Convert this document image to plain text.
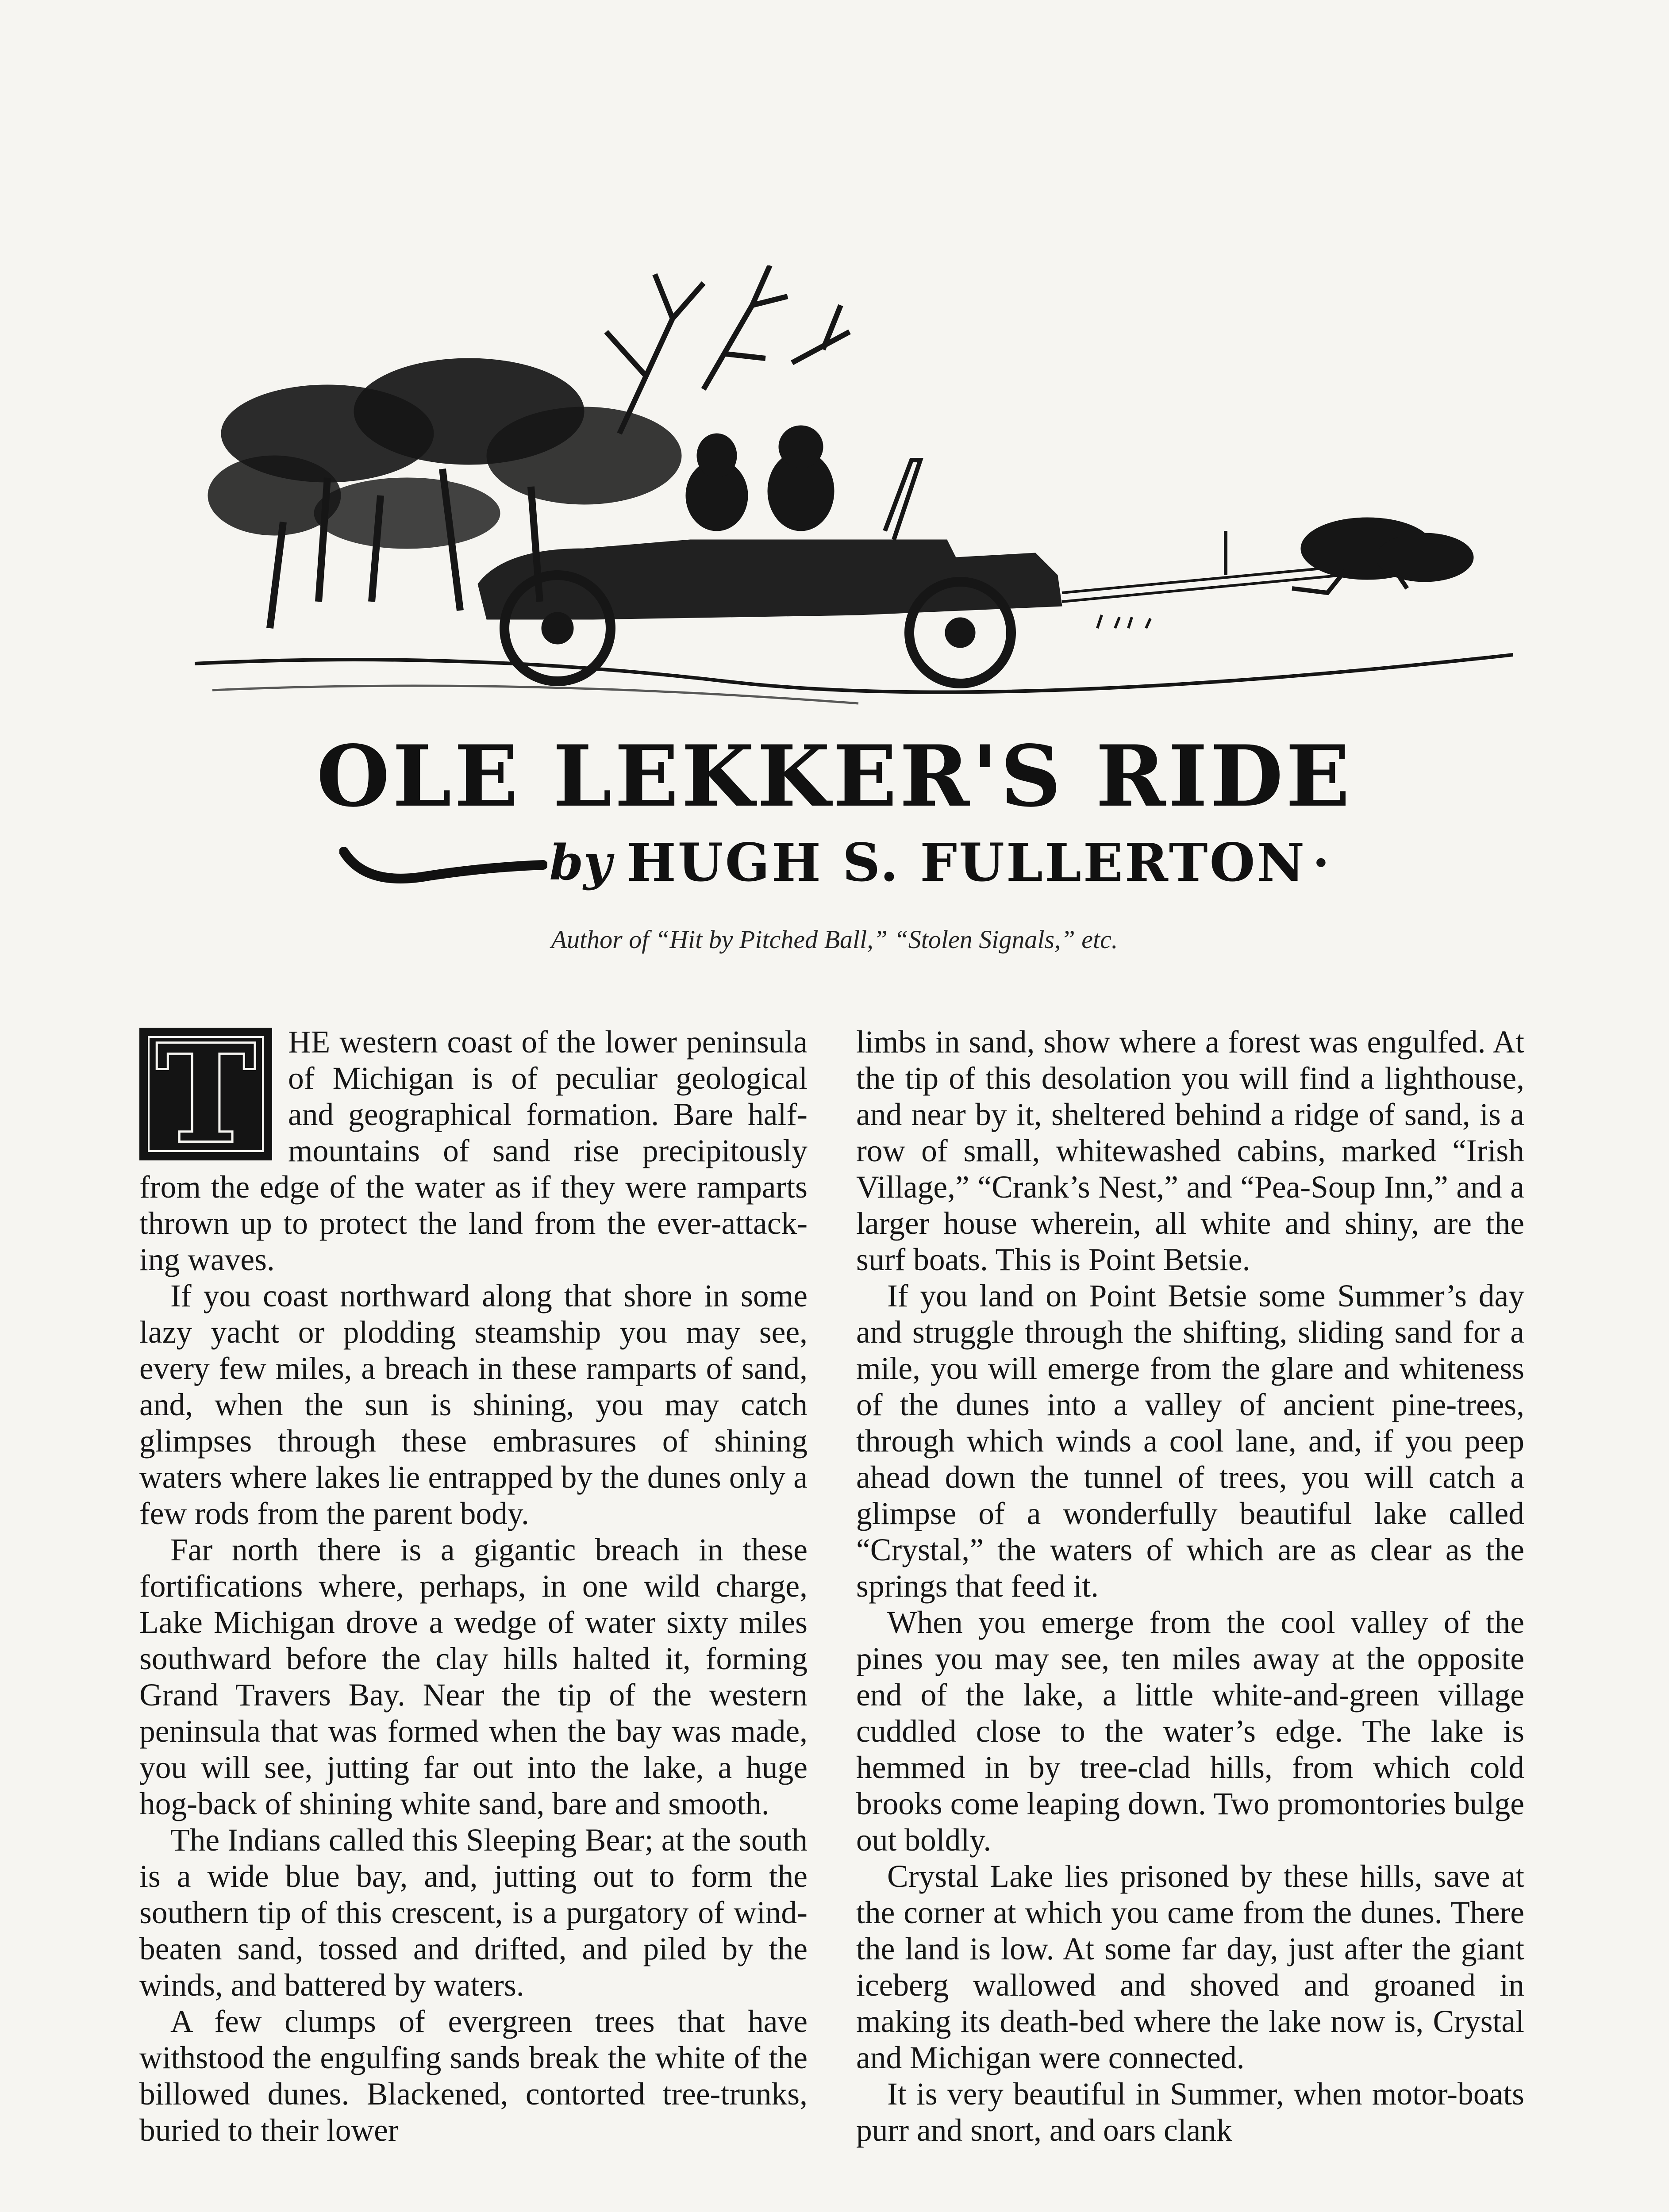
OLE LEKKER'S RIDE
by HUGH S. FULLERTON ·
Author of “Hit by Pitched Ball,” “Stolen Signals,” etc.
T	HE western coast of the lower peninsula of Michigan is of peculiar geological and geographical formation. Bare half-mountains of sand rise precipitously from the edge of the water as if they were ramparts thrown up to protect the land from the ever-attacking waves.

If you coast northward along that shore in some lazy yacht or plodding steamship you may see, every few miles, a breach in these ramparts of sand, and, when the sun is shining, you may catch glimpses through these embrasures of shining waters where lakes lie entrapped by the dunes only a few rods from the parent body.

Far north there is a gigantic breach in these fortifications where, perhaps, in one wild charge, Lake Michigan drove a wedge of water sixty miles southward before the clay hills halted it, forming Grand Travers Bay. Near the tip of the western peninsula that was formed when the bay was made, you will see, jutting far out into the lake, a huge hog-back of shining white sand, bare and smooth.

The Indians called this Sleeping Bear; at the south is a wide blue bay, and, jutting out to form the southern tip of this crescent, is a purgatory of wind-beaten sand, tossed and drifted, and piled by the winds, and battered by waters.

A few clumps of evergreen trees that have withstood the engulfing sands break the white of the billowed dunes. Blackened, contorted tree-trunks, buried to their lower

limbs in sand, show where a forest was engulfed. At the tip of this desolation you will find a lighthouse, and near by it, sheltered behind a ridge of sand, is a row of small, whitewashed cabins, marked “Irish Village,” “Crank’s Nest,” and “Pea-Soup Inn,” and a larger house wherein, all white and shiny, are the surf boats. This is Point Betsie.

If you land on Point Betsie some Summer’s day and struggle through the shifting, sliding sand for a mile, you will emerge from the glare and whiteness of the dunes into a valley of ancient pine-trees, through which winds a cool lane, and, if you peep ahead down the tunnel of trees, you will catch a glimpse of a wonderfully beautiful lake called “Crystal,” the waters of which are as clear as the springs that feed it.

When you emerge from the cool valley of the pines you may see, ten miles away at the opposite end of the lake, a little white-and-green village cuddled close to the water’s edge. The lake is hemmed in by tree-clad hills, from which cold brooks come leaping down. Two promontories bulge out boldly.

Crystal Lake lies prisoned by these hills, save at the corner at which you came from the dunes. There the land is low. At some far day, just after the giant iceberg wallowed and shoved and groaned in making its death-bed where the lake now is, Crystal and Michigan were connected.

It is very beautiful in Summer, when motor-boats purr and snort, and oars clank
